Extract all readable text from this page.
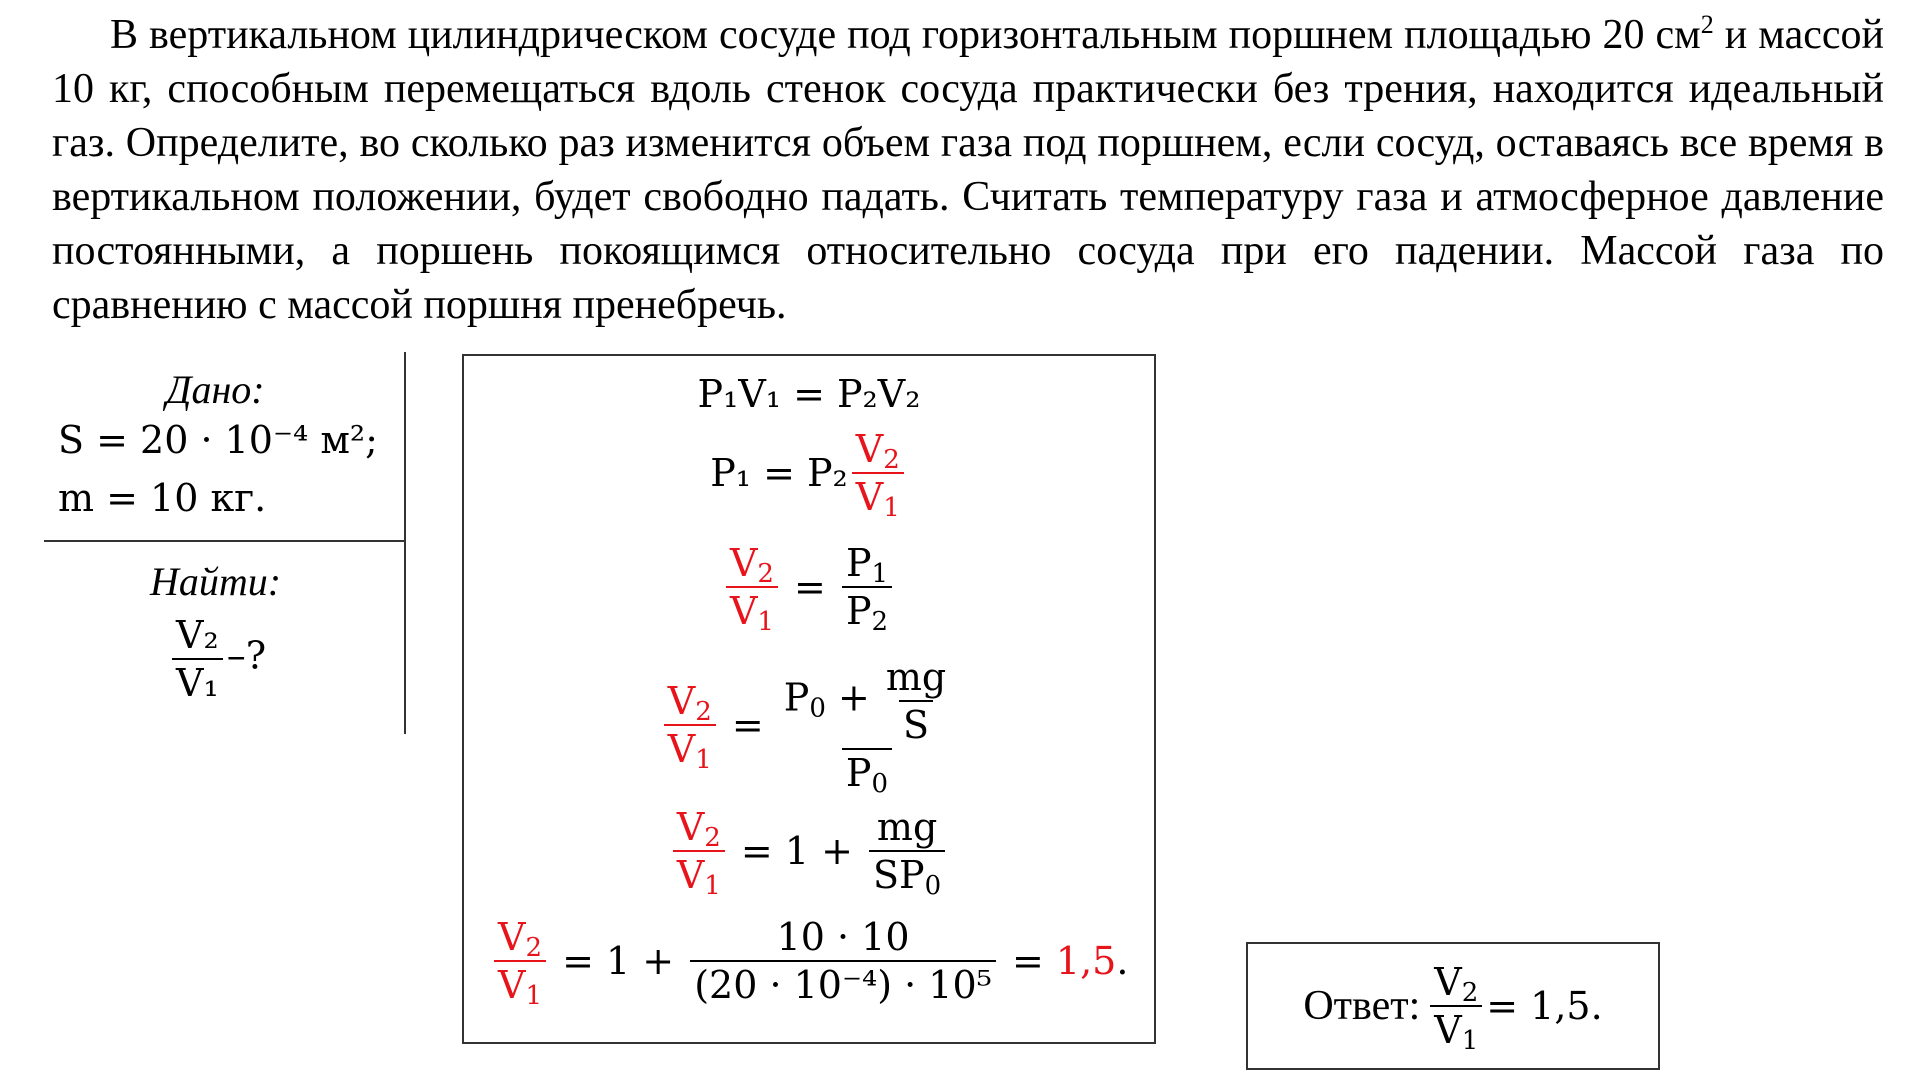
В вертикальном цилиндрическом сосуде под горизонтальным поршнем площадью 20 $см^2$ и массой 10 кг, способным перемещаться вдоль стенок сосуда практически без трения, находится идеальный газ. Определите, во сколько раз изменится объем газа под поршнем, если сосуд, оставаясь все время в вертикальном положении, будет свободно падать. Считать температуру газа и атмосферное давление постоянными, а поршень покоящимся относительно сосуда при его падении. Массой газа по сравнению с массой поршня пренебречь.

Дано:
S = 20 · 10⁻⁴ м²;
m = 10 кг.
Найти:
$\frac{\text{V₂}}{\text{V₁}}$ –?
P₁V₁ = P₂V₂
$P_1 = P_2 \frac{V_2}{V_1}$
$\frac{V_2}{V_1} = \frac{P_1}{P_2}$
$\frac{V_2}{V_1} = \frac{P_0 + \frac{mg}{S}}{P_0}$
$\frac{V_2}{V_1} = 1 + \frac{mg}{SP_0}$
$\frac{V_2}{V_1} = 1 + \frac{10 \cdot 10}{\text{(20 · 10⁻⁴) · 10⁵}} = 1,5$ .
Ответ: $\frac{V_2}{V_1} = 1,5$.
